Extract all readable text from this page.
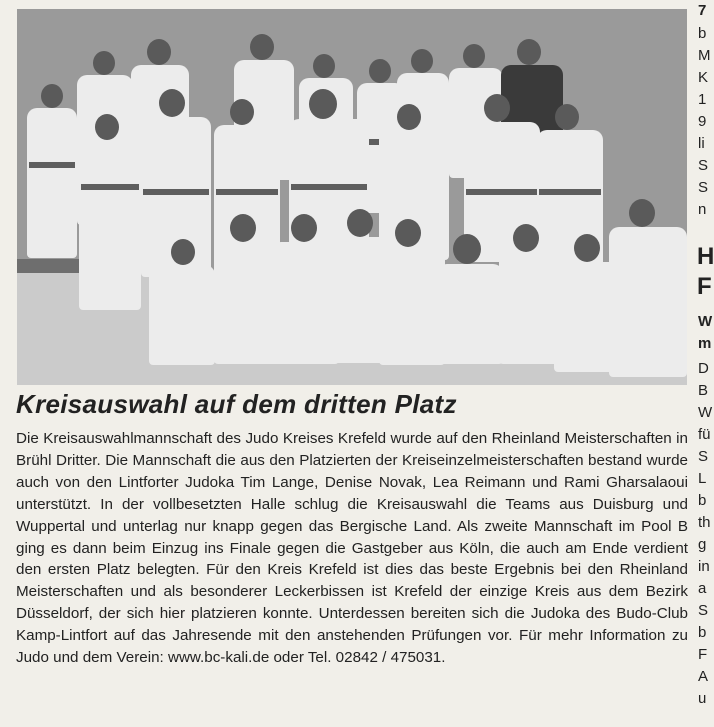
Kreisauswahl auf dem dritten Platz

Die Kreisauswahlmannschaft des Judo Kreises Krefeld wurde auf den Rheinland Meisterschaften in Brühl Dritter. Die Mannschaft die aus den Platzierten der Kreiseinzelmeisterschaften bestand wurde auch von den Lintforter Judoka Tim Lange, Denise Novak, Lea Reimann und Rami Gharsalaoui unterstützt. In der vollbesetzten Halle schlug die Kreisauswahl die Teams aus Duisburg und Wuppertal und unterlag nur knapp gegen das Bergische Land. Als zweite Mannschaft im Pool B ging es dann beim Einzug ins Finale gegen die Gastgeber aus Köln, die auch am Ende verdient den ersten Platz belegten. Für den Kreis Krefeld ist dies das beste Ergebnis bei den Rheinland Meisterschaften und als besonderer Leckerbissen ist Krefeld der einzige Kreis aus dem Bezirk Düsseldorf, der sich hier platzieren konnte. Unterdessen bereiten sich die Judoka des Budo-Club Kamp-Lintfort auf das Jahresende mit den anstehenden Prüfungen vor. Für mehr Information zu Judo und dem Verein: www.bc-kali.de oder Tel. 02842 / 475031.

7
b
M
K
1
9
li
S
S
n
H
F
W
m
D
B
W
fü
S
L
b
th
g
in
a
S
b
F
A
u
